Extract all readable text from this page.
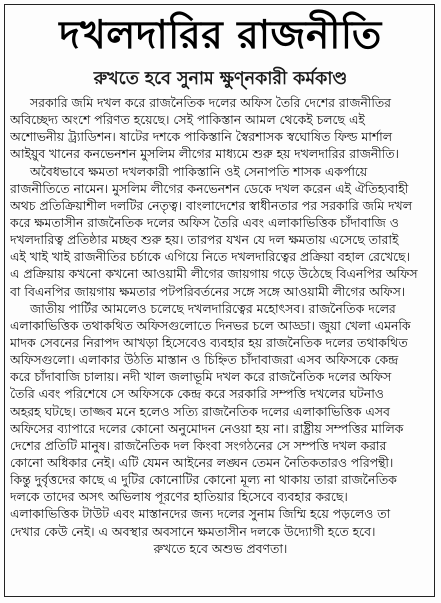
দখলদারির রাজনীতি
রুখতে হবে সুনাম ক্ষুণ্নকারী কর্মকাণ্ড
সরকারি জমি দখল করে রাজনৈতিক দলের অফিস তৈরি দেশের রাজনীতির
অবিচ্ছেদ্য অংশে পরিণত হয়েছে। সেই পাকিস্তান আমল থেকেই চলছে এই
অশোভনীয় ট্র্যাডিশন। ষাটের দশকে পাকিস্তানি স্বৈরশাসক স্বঘোষিত ফিল্ড মার্শাল
আইয়ুব খানের কনভেনশন মুসলিম লীগের মাধ্যমে শুরু হয় দখলদারির রাজনীতি।
অবৈধভাবে ক্ষমতা দখলকারী পাকিস্তানি ওই সেনাপতি শাসক একর্পায়ে
রাজনীতিতে নামেন। মুসলিম লীগের কনভেনশন ডেকে দখল করেন এই ঐতিহ্যবাহী
অথচ প্রতিক্রিয়াশীল দলটির নেতৃত্ব। বাংলাদেশের স্বাধীনতার পর সরকারি জমি দখল
করে ক্ষমতাসীন রাজনৈতিক দলের অফিস তৈরি এবং এলাকাভিত্তিক চাঁদাবাজি ও
দখলদারিত্ব প্রতিষ্ঠার মচ্ছব শুরু হয়। তারপর যখন যে দল ক্ষমতায় এসেছে তারাই
এই খাই খাই রাজনীতির চর্চাকে এগিয়ে নিতে দখলদারিত্বের প্রক্রিয়া বহাল রেখেছে।
এ প্রক্রিয়ায় কখনো কখনো আওয়ামী লীগের জায়গায় গড়ে উঠেছে বিএনপির অফিস
বা বিএনপির জায়গায় ক্ষমতার পটপরিবর্তনের সঙ্গে সঙ্গে আওয়ামী লীগের অফিস।
জাতীয় পার্টির আমলেও চলেছে দখলদারিত্বের মহোৎসব। রাজনৈতিক দলের
এলাকাভিত্তিক তথাকথিত অফিসগুলোতে দিনভর চলে আড্ডা। জুয়া খেলা এমনকি
মাদক সেবনের নিরাপদ আখড়া হিসেবেও ব্যবহার হয় রাজনৈতিক দলের তথাকথিত
অফিসগুলো। এলাকার উঠতি মাস্তান ও চিহ্নিত চাঁদাবাজরা এসব অফিসকে কেন্দ্র
করে চাঁদাবাজি চালায়। নদী খাল জলাভূমি দখল করে রাজনৈতিক দলের অফিস
তৈরি এবং পরিশেষে সে অফিসকে কেন্দ্র করে সরকারি সম্পত্তি দখলের ঘটনাও
অহরহ ঘটছে। তাজ্জব মনে হলেও সত্যি রাজনৈতিক দলের এলাকাভিত্তিক এসব
অফিসের ব্যাপারে দলের কোনো অনুমোদন নেওয়া হয় না। রাষ্ট্রীয় সম্পত্তির মালিক
দেশের প্রতিটি মানুষ। রাজনৈতিক দল কিংবা সংগঠনের সে সম্পত্তি দখল করার
কোনো অধিকার নেই। এটি যেমন আইনের লঙ্ঘন তেমন নৈতিকতারও পরিপন্থী।
কিন্তু দুর্বৃত্তদের কাছে এ দুটির কোনোটির কোনো মূল্য না থাকায় তারা রাজনৈতিক
দলকে তাদের অসৎ অভিলাষ পূরণের হাতিয়ার হিসেবে ব্যবহার করছে।
এলাকাভিত্তিক টাউট এবং মাস্তানদের জন্য দলের সুনাম জিম্মি হয়ে পড়লেও তা
দেখার কেউ নেই। এ অবস্থার অবসানে ক্ষমতাসীন দলকে উদ্যোগী হতে হবে।
রুখতে হবে অশুভ প্রবণতা।
